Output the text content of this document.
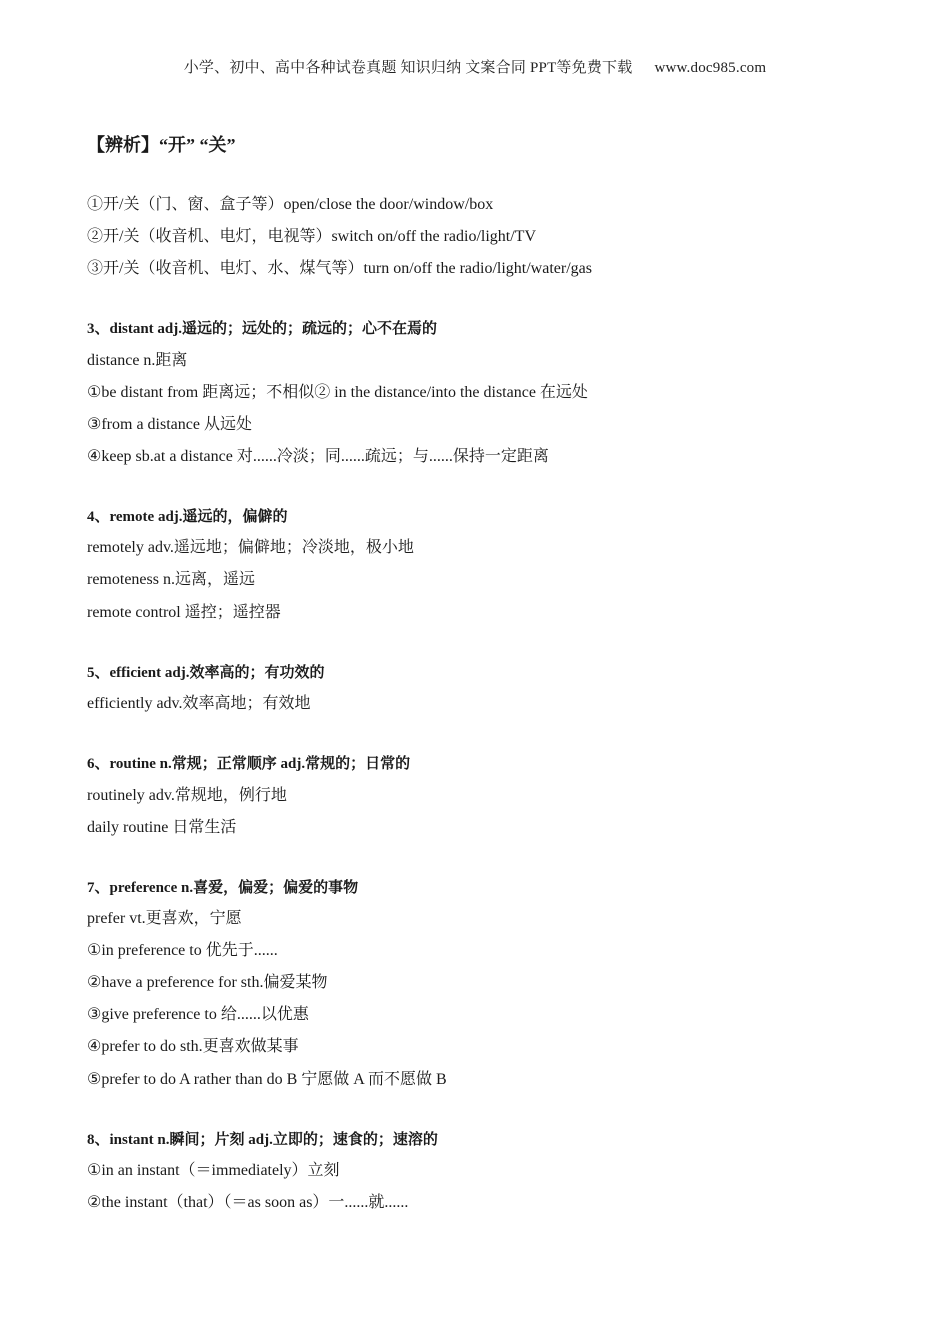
小学、初中、高中各种试卷真题 知识归纳 文案合同 PPT等免费下载 www.doc985.com
【辨析】“开” “关”
①开/关（门、窗、盒子等）open/close the door/window/box
②开/关（收音机、电灯，电视等）switch on/off the radio/light/TV
③开/关（收音机、电灯、水、煤气等）turn on/off the radio/light/water/gas
3、distant adj.遥远的；远处的；疏远的；心不在焉的
distance n.距离
①be distant from 距离远；不相似② in the distance/into the distance 在远处
③from a distance 从远处
④keep sb.at a distance 对......冷淡；同......疏远；与......保持一定距离
4、remote adj.遥远的，偏僻的
remotely adv.遥远地；偏僻地；冷淡地，极小地
remoteness n.远离，遥远
remote control 遥控；遥控器
5、efficient adj.效率高的；有功效的
efficiently adv.效率高地；有效地
6、routine n.常规；正常顺序 adj.常规的；日常的
routinely adv.常规地，例行地
daily routine 日常生活
7、preference n.喜爱，偏爱；偏爱的事物
prefer vt.更喜欢，宁愿
①in preference to 优先于......
②have a preference for sth.偏爱某物
③give preference to 给......以优惠
④prefer to do sth.更喜欢做某事
⑤prefer to do A rather than do B 宁愿做 A 而不愿做 B
8、instant n.瞬间；片刻 adj.立即的；速食的；速溶的
①in an instant（＝immediately）立刻
②the instant（that）（＝as soon as）一......就......
